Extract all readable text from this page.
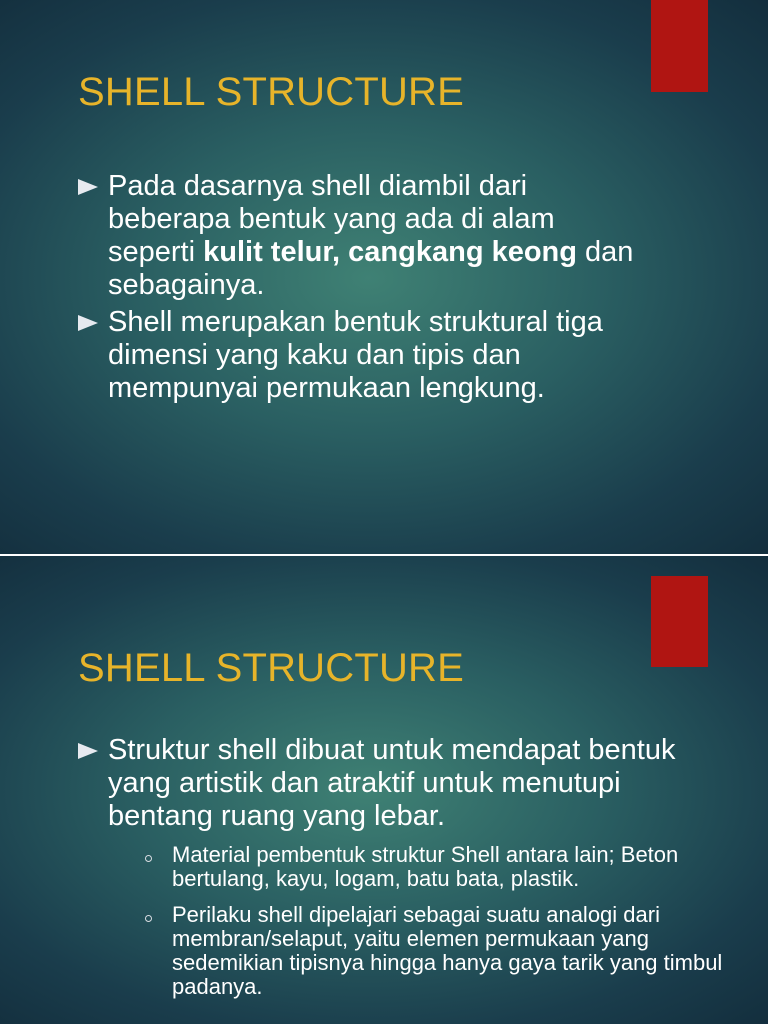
SHELL STRUCTURE
Pada dasarnya shell diambil dari beberapa bentuk yang ada di alam seperti kulit telur, cangkang keong dan sebagainya.
Shell merupakan bentuk struktural tiga dimensi yang kaku dan tipis dan mempunyai permukaan lengkung.
SHELL STRUCTURE
Struktur shell dibuat untuk mendapat bentuk yang artistik dan atraktif untuk menutupi bentang ruang yang lebar.
Material pembentuk struktur Shell antara lain; Beton bertulang, kayu, logam, batu bata, plastik.
Perilaku shell dipelajari sebagai suatu analogi dari membran/selaput, yaitu elemen permukaan yang sedemikian tipisnya hingga hanya gaya tarik yang timbul padanya.
